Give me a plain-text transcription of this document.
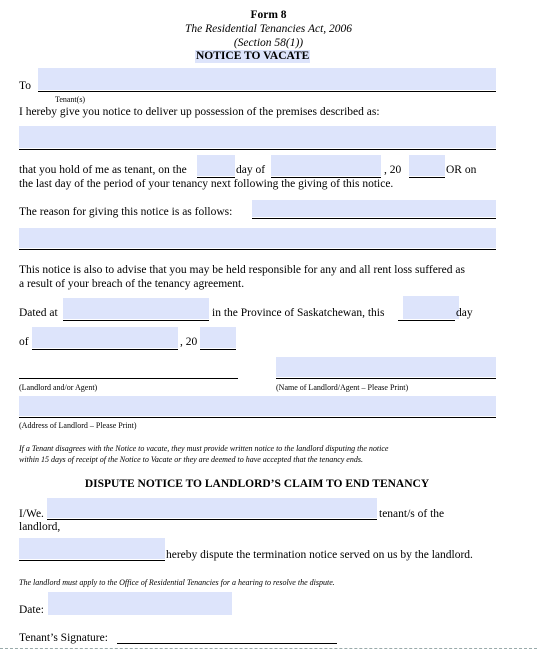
Form 8
The Residential Tenancies Act, 2006
(Section 58(1))
NOTICE TO VACATE
To
Tenant(s)
I hereby give you notice to deliver up possession of the premises described as:
that you hold of me as tenant, on the	day of	, 20	OR on
the last day of the period of your tenancy next following the giving of this notice.
The reason for giving this notice is as follows:
This notice is also to advise that you may be held responsible for any and all rent loss suffered as
a result of your breach of the tenancy agreement.
Dated at	in the Province of Saskatchewan, this	day
of	, 20
(Landlord and/or Agent)	(Name of Landlord/Agent – Please Print)
(Address of Landlord – Please Print)
If a Tenant disagrees with the Notice to vacate, they must provide written notice to the landlord disputing the notice
within 15 days of receipt of the Notice to Vacate or they are deemed to have accepted that the tenancy ends.
DISPUTE NOTICE TO LANDLORD’S CLAIM TO END TENANCY
I/We.	tenant/s of the
landlord,
hereby dispute the termination notice served on us by the landlord.
The landlord must apply to the Office of Residential Tenancies for a hearing to resolve the dispute.
Date:
Tenant’s Signature:
